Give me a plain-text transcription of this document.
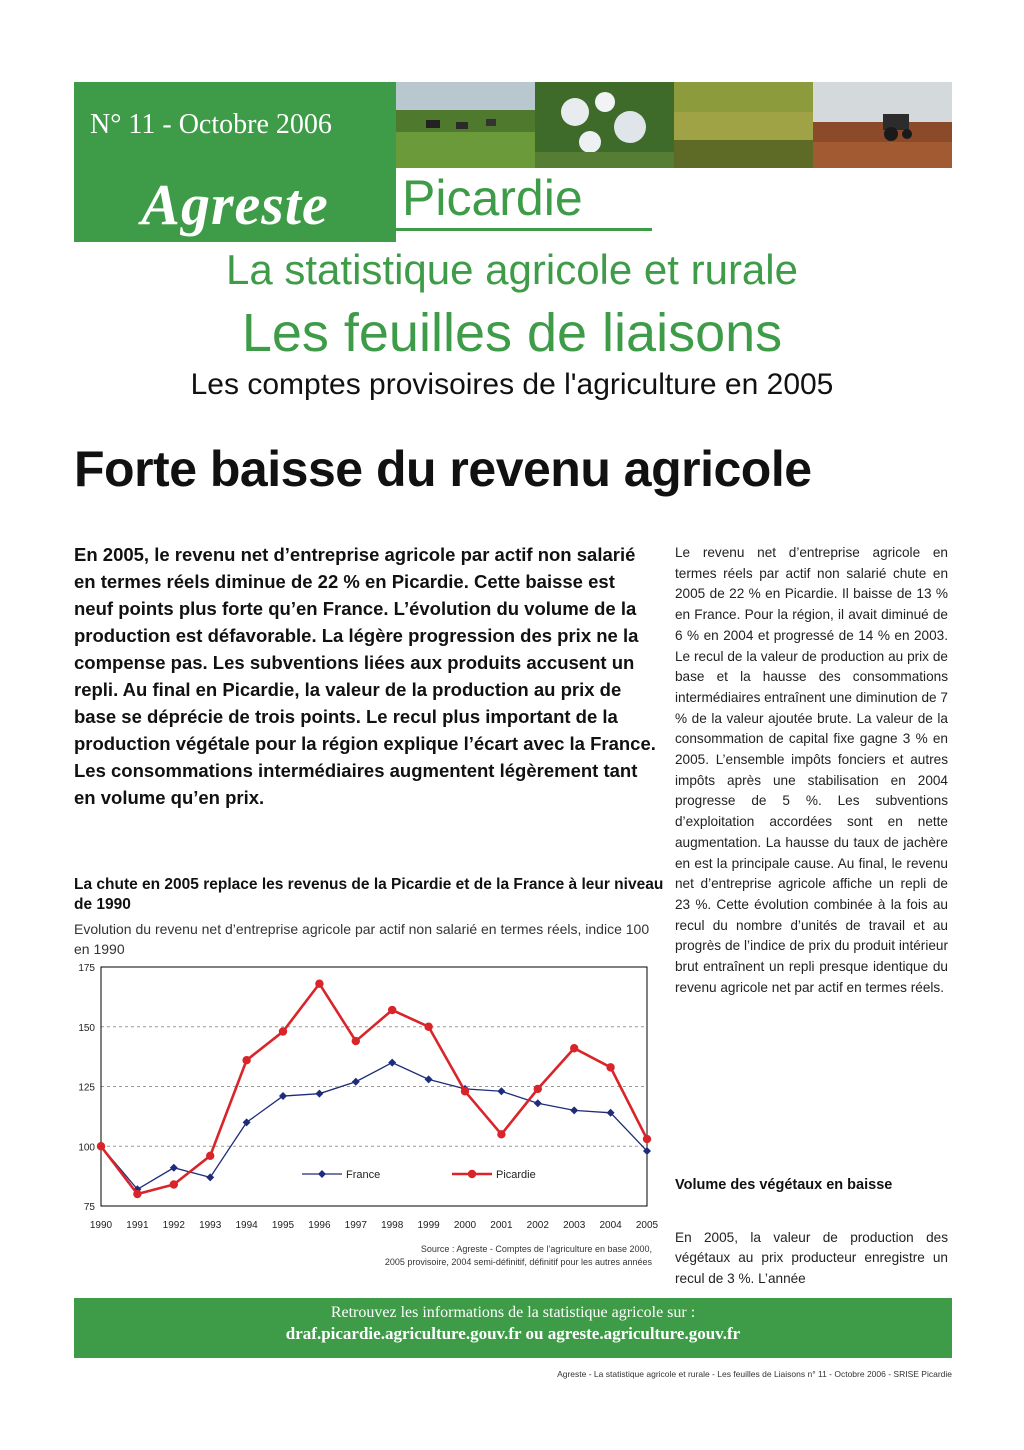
N° 11 - Octobre 2006
Agreste	Picardie
La statistique agricole et rurale
Les feuilles de liaisons
Les comptes provisoires de l'agriculture en 2005
Forte baisse du revenu agricole

En 2005, le revenu net d’entreprise agricole par actif non salarié en termes réels diminue de 22 % en Picardie. Cette baisse est neuf points plus forte qu’en France. L’évolution du volume de la production est défavorable. La légère progression des prix ne la compense pas. Les subventions liées aux produits accusent un repli. Au final en Picardie, la valeur de la production au prix de base se déprécie de trois points. Le recul plus important de la production végétale pour la région explique l’écart avec la France.

Les consommations intermédiaires augmentent légèrement tant en volume qu’en prix.

La chute en 2005 replace les revenus de la Picardie et de la France à leur niveau de 1990
Evolution du revenu net d’entreprise agricole par actif non salarié en termes réels, indice 100 en 1990
75
100
125
150
175
1990 1991 1992 1993 1994 1995 1996 1997 1998 1999 2000 2001 2002 2003 2004 2005
France	Picardie
Source : Agreste - Comptes de l’agriculture en base 2000,
2005 provisoire, 2004 semi-définitif, définitif pour les autres années

Le revenu net d’entreprise agricole en termes réels par actif non salarié chute en 2005 de 22 % en Picardie. Il baisse de 13 % en France. Pour la région, il avait diminué de 6 % en 2004 et progressé de 14 % en 2003. Le recul de la valeur de production au prix de base et la hausse des consommations intermédiaires entraînent une diminution de 7 % de la valeur ajoutée brute. La valeur de la consommation de capital fixe gagne 3 % en 2005. L’ensemble impôts fonciers et autres impôts après une stabilisation en 2004 progresse de 5 %. Les subventions d’exploitation accordées sont en nette augmentation. La hausse du taux de jachère en est la principale cause. Au final, le revenu net d’entreprise agricole affiche un repli de 23 %. Cette évolution combinée à la fois au recul du nombre d’unités de travail et au progrès de l’indice de prix du produit intérieur brut entraînent un repli presque identique du revenu agricole net par actif en termes réels.

Volume des végétaux en baisse

En 2005, la valeur de production des végétaux au prix producteur enregistre un recul de 3 %. L’année

Retrouvez les informations de la statistique agricole sur :
draf.picardie.agriculture.gouv.fr ou agreste.agriculture.gouv.fr
Agreste - La statistique agricole et rurale - Les feuilles de Liaisons n° 11 - Octobre 2006 - SRISE Picardie
